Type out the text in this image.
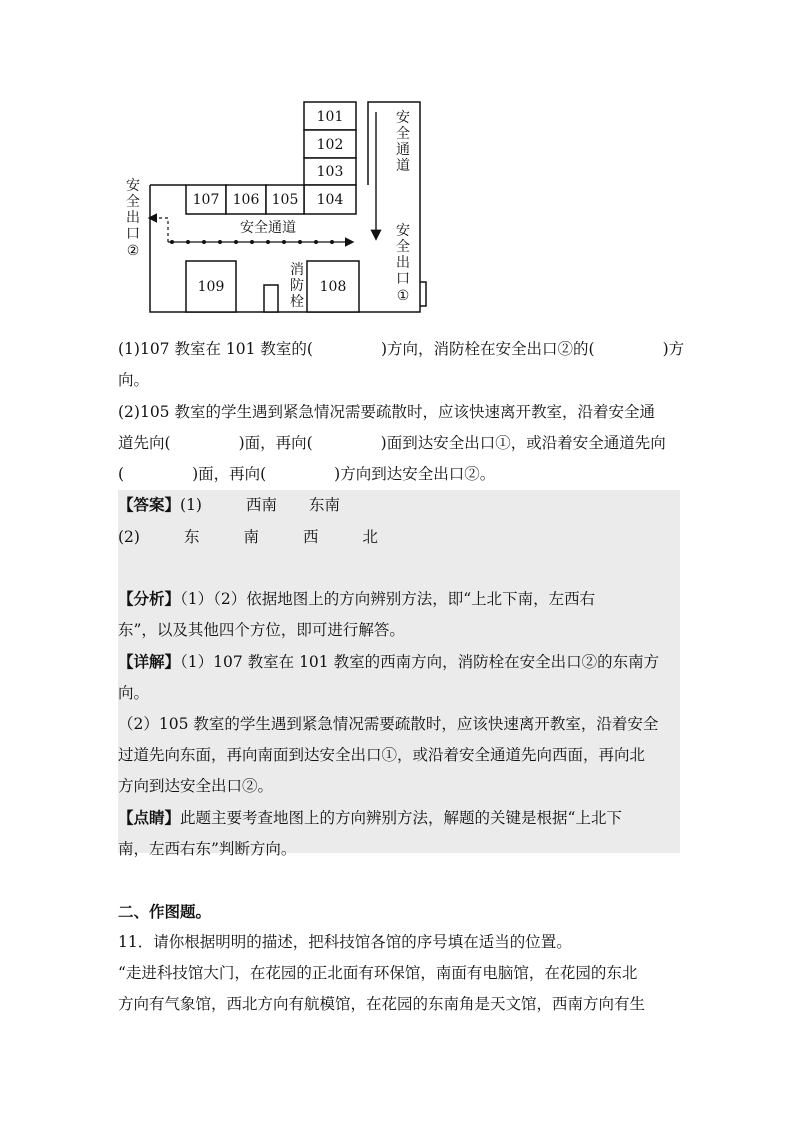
101
102
103
104
107 106 105
109	108
安全通道
安
全
通
道
安
全
出
口
①
安
全
出
口
②
消
防
栓
(1)107 教室在 101 教室的(	)方向，消防栓在安全出口②的(	)方
向。
(2)105 教室的学生遇到紧急情况需要疏散时，应该快速离开教室，沿着安全通
道先向(	)面，再向(	)面到达安全出口①，或沿着安全通道先向
(	)面，再向(	)方向到达安全出口②。
【答案】(1)	西南 东南
(2)	东	南	西	北
【分析】（1）（2）依据地图上的方向辨别方法，即“上北下南，左西右
东”，以及其他四个方位，即可进行解答。
【详解】（1）107 教室在 101 教室的西南方向，消防栓在安全出口②的东南方
向。
（2）105 教室的学生遇到紧急情况需要疏散时，应该快速离开教室，沿着安全
过道先向东面，再向南面到达安全出口①，或沿着安全通道先向西面，再向北
方向到达安全出口②。
【点睛】此题主要考查地图上的方向辨别方法，解题的关键是根据“上北下
南，左西右东”判断方向。
二、作图题。
11．请你根据明明的描述，把科技馆各馆的序号填在适当的位置。
“走进科技馆大门，在花园的正北面有环保馆，南面有电脑馆，在花园的东北
方向有气象馆，西北方向有航模馆，在花园的东南角是天文馆，西南方向有生
